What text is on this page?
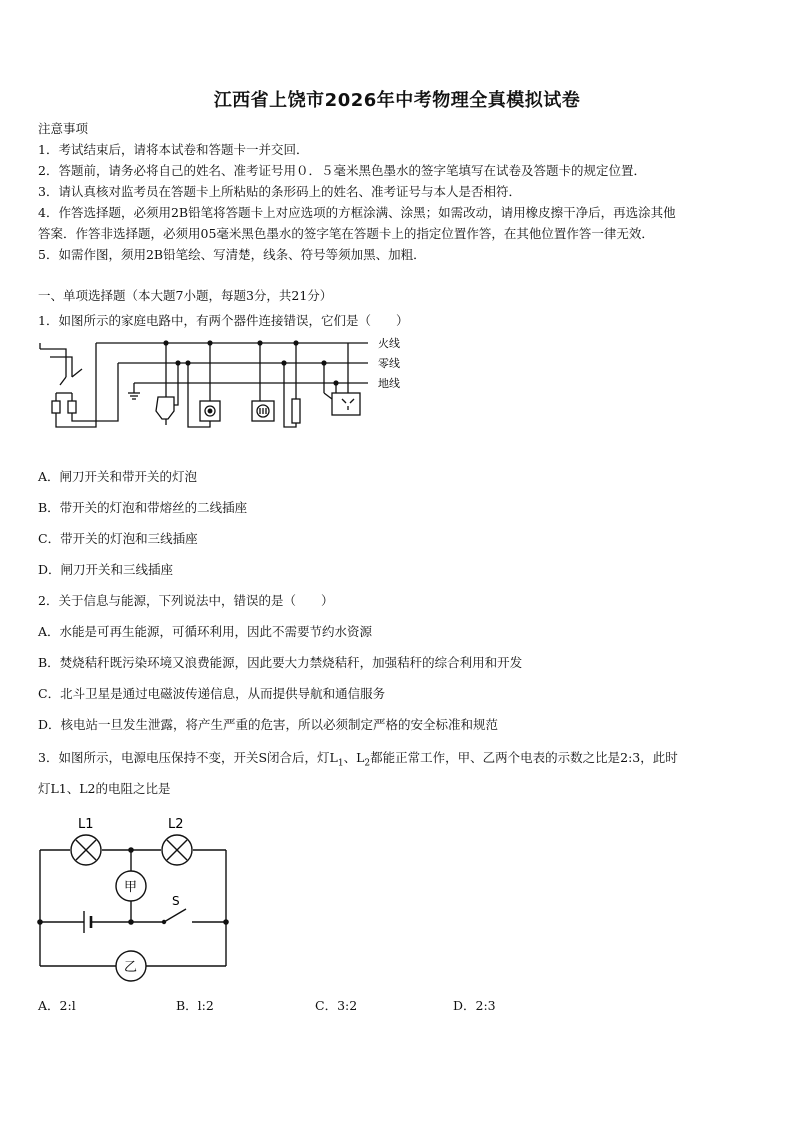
江西省上饶市2026年中考物理全真模拟试卷
注意事项
1．考试结束后，请将本试卷和答题卡一并交回．
2．答题前，请务必将自己的姓名、准考证号用０．５毫米黑色墨水的签字笔填写在试卷及答题卡的规定位置．
3．请认真核对监考员在答题卡上所粘贴的条形码上的姓名、准考证号与本人是否相符．
4．作答选择题，必须用2B铅笔将答题卡上对应选项的方框涂满、涂黑；如需改动，请用橡皮擦干净后，再选涂其他
答案．作答非选择题，必须用05毫米黑色墨水的签字笔在答题卡上的指定位置作答，在其他位置作答一律无效．
5．如需作图，须用2B铅笔绘、写清楚，线条、符号等须加黑、加粗．
一、单项选择题（本大题7小题，每题3分，共21分）
1．如图所示的家庭电路中，有两个器件连接错误，它们是（　　）
火线
零线
地线
A．闸刀开关和带开关的灯泡
B．带开关的灯泡和带熔丝的二线插座
C．带开关的灯泡和三线插座
D．闸刀开关和三线插座
2．关于信息与能源，下列说法中，错误的是（　　）
A．水能是可再生能源，可循环利用，因此不需要节约水资源
B．焚烧秸秆既污染环境又浪费能源，因此要大力禁烧秸秆，加强秸秆的综合利用和开发
C．北斗卫星是通过电磁波传递信息，从而提供导航和通信服务
D．核电站一旦发生泄露，将产生严重的危害，所以必须制定严格的安全标准和规范
3．如图所示，电源电压保持不变，开关S闭合后，灯$L_1$、$L_2$都能正常工作，甲、乙两个电表的示数之比是2:3，此时
灯L1、L2的电阻之比是
L1	L2
甲
乙
S
A．2:l	B．l:2	C．3:2	D．2:3
